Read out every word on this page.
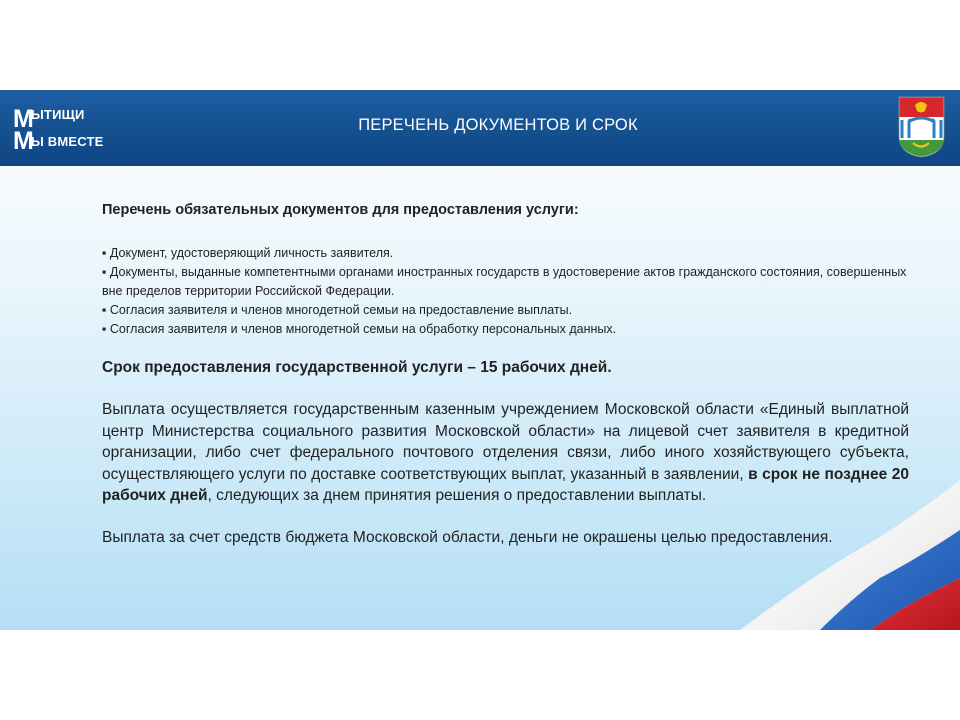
М
ЫТИЩИ
М
Ы ВМЕСТЕ
ПЕРЕЧЕНЬ ДОКУМЕНТОВ И СРОК
Перечень обязательных документов для предоставления услуги:
▪ Документ, удостоверяющий личность заявителя.
▪ Документы, выданные компетентными органами иностранных государств в удостоверение актов гражданского состояния, совершенных вне пределов территории Российской Федерации.
▪ Согласия заявителя и членов многодетной семьи на предоставление выплаты.
▪ Согласия заявителя и членов многодетной семьи на обработку персональных данных.
Срок предоставления государственной услуги – 15 рабочих дней.

Выплата осуществляется государственным казенным учреждением Московской области «Единый выплатной центр Министерства социального развития Московской области» на лицевой счет заявителя в кредитной организации, либо счет федерального почтового отделения связи, либо иного хозяйствующего субъекта, осуществляющего услуги по доставке соответствующих выплат, указанный в заявлении, в срок не позднее 20 рабочих дней, следующих за днем принятия решения о предоставлении выплаты.

Выплата за счет средств бюджета Московской области, деньги не окрашены целью предоставления.
